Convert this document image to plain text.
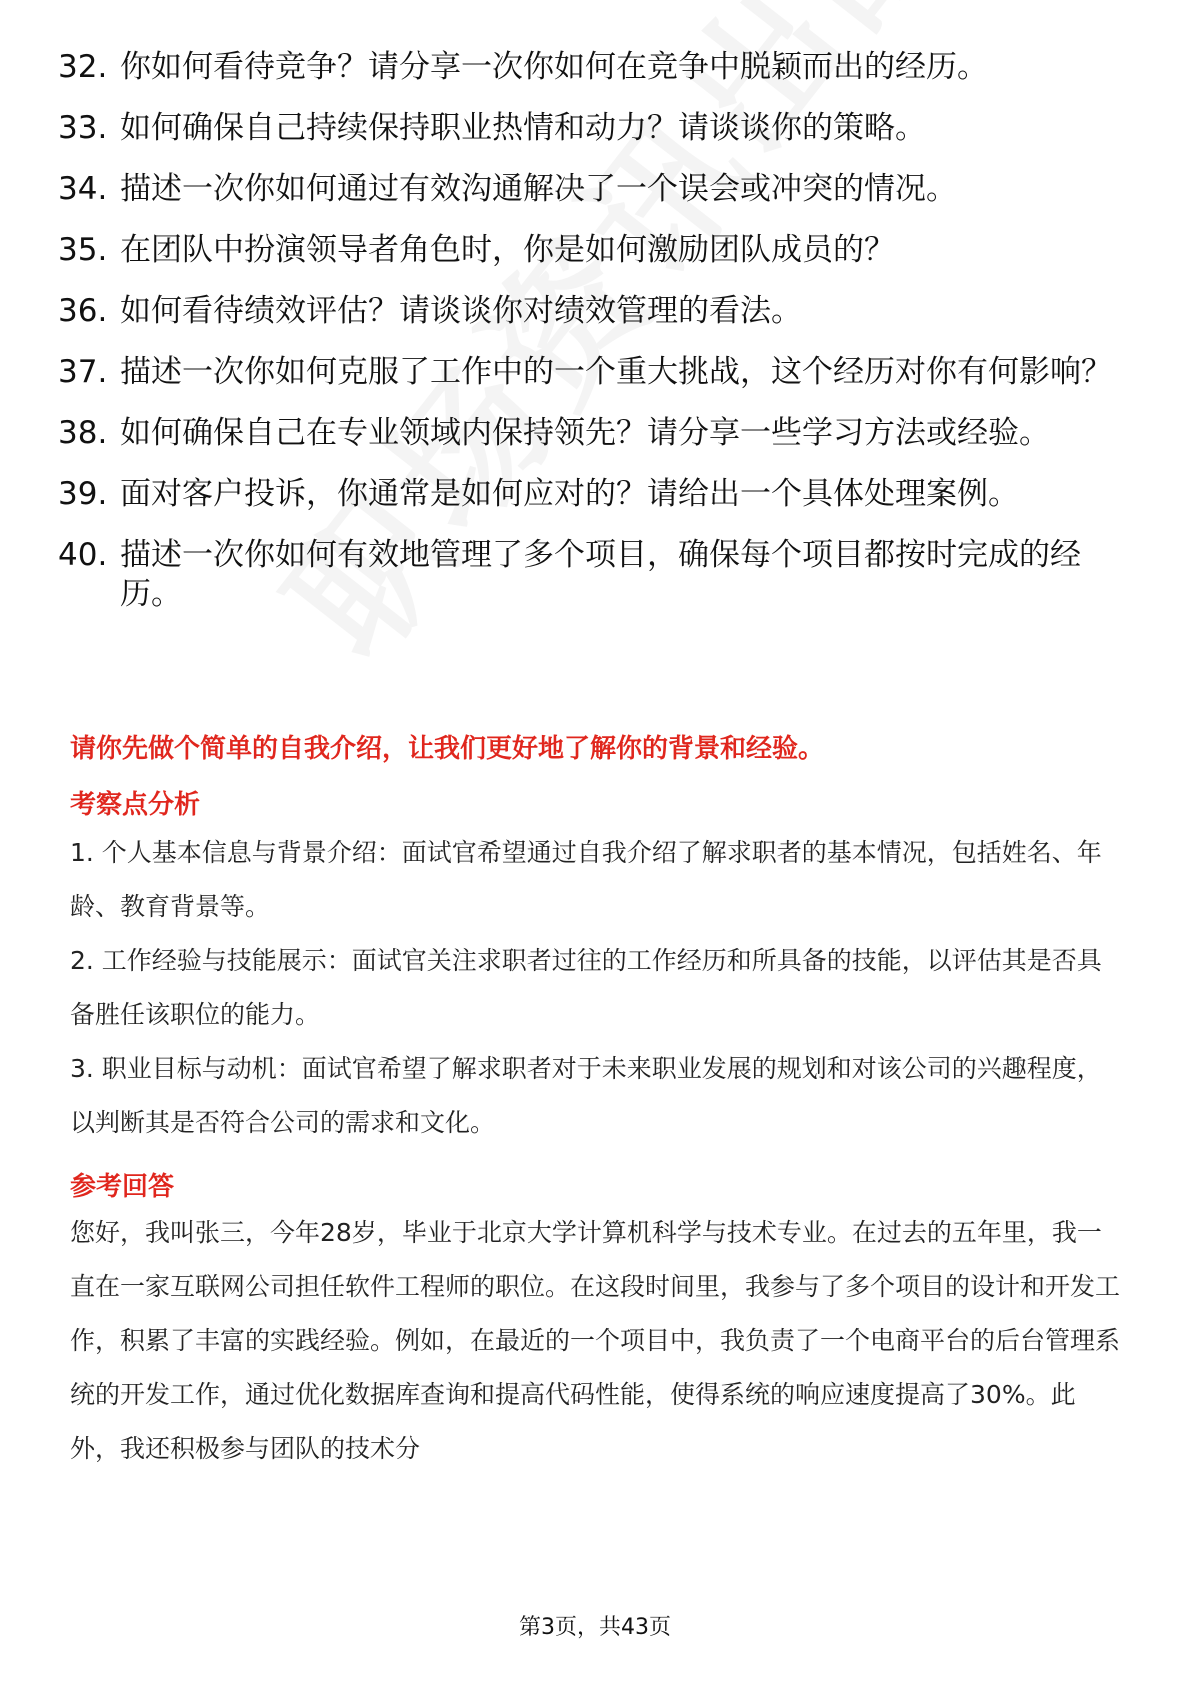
32. 你如何看待竞争？请分享一次你如何在竞争中脱颖而出的经历。
33. 如何确保自己持续保持职业热情和动力？请谈谈你的策略。
34. 描述一次你如何通过有效沟通解决了一个误会或冲突的情况。
35. 在团队中扮演领导者角色时，你是如何激励团队成员的？
36. 如何看待绩效评估？请谈谈你对绩效管理的看法。
37. 描述一次你如何克服了工作中的一个重大挑战，这个经历对你有何影响？
38. 如何确保自己在专业领域内保持领先？请分享一些学习方法或经验。
39. 面对客户投诉，你通常是如何应对的？请给出一个具体处理案例。
40. 描述一次你如何有效地管理了多个项目，确保每个项目都按时完成的经历。
请你先做个简单的自我介绍，让我们更好地了解你的背景和经验。
考察点分析
1. 个人基本信息与背景介绍：面试官希望通过自我介绍了解求职者的基本情况，包括姓名、年龄、教育背景等。
2. 工作经验与技能展示：面试官关注求职者过往的工作经历和所具备的技能，以评估其是否具备胜任该职位的能力。
3. 职业目标与动机：面试官希望了解求职者对于未来职业发展的规划和对该公司的兴趣程度，以判断其是否符合公司的需求和文化。
参考回答
您好，我叫张三，今年28岁，毕业于北京大学计算机科学与技术专业。在过去的五年里，我一直在一家互联网公司担任软件工程师的职位。在这段时间里，我参与了多个项目的设计和开发工作，积累了丰富的实践经验。例如，在最近的一个项目中，我负责了一个电商平台的后台管理系统的开发工作，通过优化数据库查询和提高代码性能，使得系统的响应速度提高了30%。此外，我还积极参与团队的技术分
第3页，共43页
